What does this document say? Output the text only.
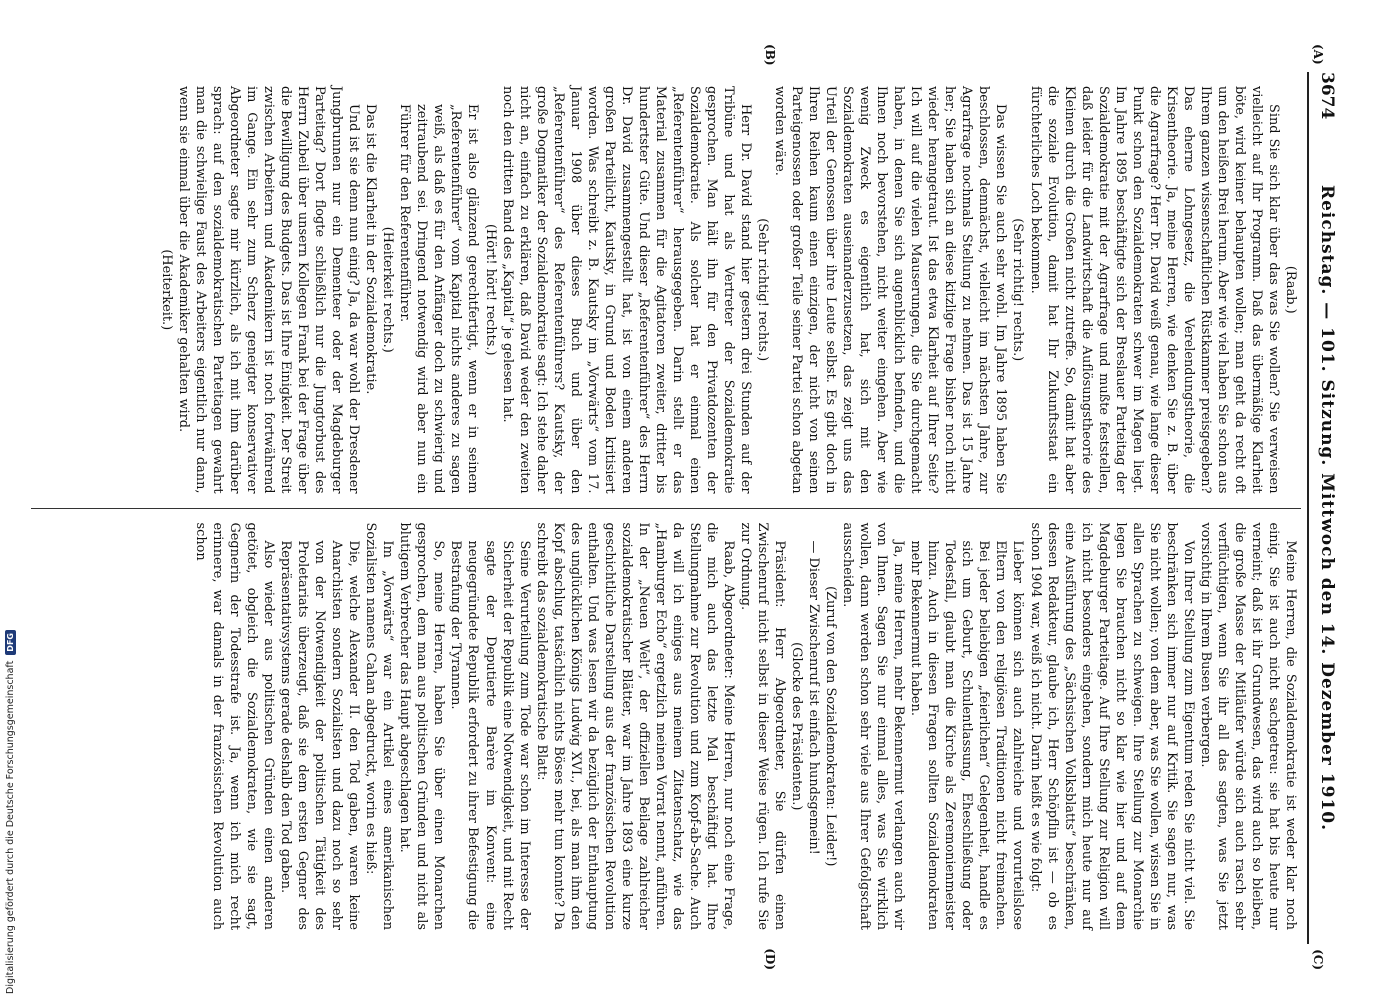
3674
Reichstag. — 101. Sitzung. Mittwoch den 14. Dezember 1910.
(A)
(B)
(C)
(D)

(Raab.)

Sind Sie sich klar über das was Sie wollen? Sie verweisen vielleicht auf Ihr Programm. Daß das übermäßige Klarheit böte, wird keiner behaupten wollen; man geht da recht oft um den heißen Brei herum. Aber wie viel haben Sie schon aus Ihrem ganzen wissenschaftlichen Rüstkammer preisgegeben? Das eherne Lohngesetz, die Verelendungstheorie, die Krisentheorie. Ja, meine Herren, wie denken Sie z. B. über die Agrarfrage? Herr Dr. David weiß genau, wie lange dieser Punkt schon den Sozialdemokraten schwer im Magen liegt. Im Jahre 1895 beschäftigte sich der Breslauer Parteitag der Sozialdemokratie mit der Agrarfrage und mußte feststellen, daß leider für die Landwirtschaft die Auflösungstheorie des Kleinen durch die Großen nicht zutreffe. So, damit hat aber die soziale Evolution, damit hat Ihr Zukunftsstaat ein fürchterliches Loch bekommen.

(Sehr richtig! rechts.)

Das wissen Sie auch sehr wohl. Im Jahre 1895 haben Sie beschlossen, demnächst, vielleicht im nächsten Jahre, zur Agrarfrage nochmals Stellung zu nehmen. Das ist 15 Jahre her; Sie haben sich an diese kitzlige Frage bisher noch nicht wieder herangetraut. Ist das etwa Klarheit auf Ihrer Seite? Ich will auf die vielen Mauserungen, die Sie durchgemacht haben, in denen Sie sich augenblicklich befinden, und die Ihnen noch bevorstehen, nicht weiter eingehen. Aber wie wenig Zweck es eigentlich hat, sich mit den Sozialdemokraten auseinanderzusetzen, das zeigt uns das Urteil der Genossen über ihre Leute selbst. Es gibt doch in Ihren Reihen kaum einen einzigen, der nicht von seinen Parteigenossen oder großer Teile seiner Partei schon abgetan worden wäre.

(Sehr richtig! rechts.)

Herr Dr. David stand hier gestern drei Stunden auf der Tribüne und hat als Vertreter der Sozialdemokratie gesprochen. Man hält ihn für den Privatdozenten der Sozialdemokratie. Als solcher hat er einmal einen „Referentenführer“ herausgegeben. Darin stellt er das Material zusammen für die Agitatoren zweiter, dritter bis hundertster Güte. Und dieser „Referentenführer“ des Herrn Dr. David zusammengestellt hat, ist von einem anderen großen Parteilicht, Kautsky, in Grund und Boden kritisiert worden. Was schreibt z. B. Kautsky im „Vorwärts“ vom 17. Januar 1908 über dieses Buch und über den „Referentenführer“ des Referentenführers? Kautsky, der große Dogmatiker der Sozialdemokratie sagt: Ich stehe daher nicht an, einfach zu erklären, daß David weder den zweiten noch den dritten Band des „Kapital“ je gelesen hat.

(Hört! hört! rechts.)

Er ist also glänzend gerechtfertigt, wenn er in seinem „Referentenführer“ vom Kapital nichts anderes zu sagen weiß, als daß es für den Anfänger doch zu schwierig und zeitraubend sei. Dringend notwendig wird aber nun ein Führer für den Referentenführer.

(Heiterkeit rechts.)

Das ist die Klarheit in der Sozialdemokratie.

Und ist sie denn nun einig? Ja, da war wohl der Dresdener Jungbrunnen nur ein Dementeer oder der Magdeburger Parteitag? Dort flogte schließlich nur die Jungtorbust des Herrn Zubeil über unsern Kollegen Frank bei der Frage über die Bewilligung des Budgets. Das ist Ihre Einigkeit. Der Streit zwischen Arbeitern und Akademikern ist noch fortwährend im Gange. Ein sehr zum Scherz geneigter konservativer Abgeordneter sagte mir kürzlich, als ich mit ihm darüber sprach: auf den sozialdemokratischen Parteitagen gewahrt man die schwielige Faust des Arbeiters eigentlich nur dann, wenn sie einmal über die Akademiker gehalten wird.

(Heiterkeit.)

Meine Herren, die Sozialdemokratie ist weder klar noch einig. Sie ist auch nicht sachgetreu: sie hat bis heute nur verneint; daß ist ihr Grundwesen, das wird auch so bleiben, die große Masse der Mitläufer würde sich auch rasch sehr verflüchtigen, wenn Sie ihr all das sagten, was Sie jetzt vorsichtig in Ihrem Busen verbergen.

Von Ihrer Stellung zum Eigentum reden Sie nicht viel. Sie beschränken sich immer nur auf Kritik. Sie sagen nur, was Sie nicht wollen; von dem aber, was Sie wollen, wissen Sie in allen Sprachen zu schweigen. Ihre Stellung zur Monarchie legen Sie brauchen nicht so klar wie hier und auf dem Magdeburger Parteitage. Auf Ihre Stellung zur Religion will ich nicht besonders eingehen, sondern mich heute nur auf eine Ausführung des „Sächsischen Volksblatts“ beschränken, dessen Redakteur, glaube ich, Herr Schöpflin ist — ob es schon 1904 war, weiß ich nicht. Darin heißt es wie folgt:

Lieber können sich auch zahlreiche und vorurteilslose Eltern von den religiösen Traditionen nicht freimachen. Bei jeder beliebigen „feierlichen“ Gelegenheit, handle es sich um Geburt, Schulentlassung, Eheschließung oder Todesfall, glaubt man die Kirche als Zeremonienmeister hinzu. Auch in diesen Fragen sollten Sozialdemokraten mehr Bekennermut haben.

Ja, meine Herren, mehr Bekennermut verlangen auch wir von Ihnen. Sagen Sie nur einmal alles, was Sie wirklich wollen, dann werden schon sehr viele aus Ihrer Gefolgschaft ausscheiden.

(Zuruf von den Sozialdemokraten: Leider!)

— Dieser Zwischenruf ist einfach hundsgemein!

(Glocke des Präsidenten.)

Präsident: Herr Abgeordneter, Sie dürfen einen Zwischenruf nicht selbst in dieser Weise rügen. Ich rufe Sie zur Ordnung.

Raab, Abgeordneter: Meine Herren, nur noch eine Frage, die mich auch das letzte Mal beschäftigt hat. Ihre Stellungnahme zur Revolution und zum Kopf-ab-Sache. Auch da will ich einiges aus meinem Zitatenschatz, wie das „Hamburger Echo“ ergetzlich meinen Vorrat nennt, anführen. In der „Neuen Welt“, der offiziellen Beilage zahlreicher sozialdemokratischer Blätter, war im Jahre 1893 eine kurze geschichtliche Darstellung aus der französischen Revolution enthalten. Und was lesen wir da bezüglich der Enthauptung des unglücklichen Königs Ludwig XVI., bei, als man ihm den Kopf abschlug, tatsächlich nichts Böses mehr tun konnte? Da schreibt das sozialdemokratische Blatt:

Seine Verurteilung zum Tode war schon im Interesse der Sicherheit der Republik eine Notwendigkeit, und mit Recht sagte der Deputierte Barère im Konvent: eine neugegründete Republik erfordert zu ihrer Befestigung die Bestrafung der Tyrannen.

So, meine Herren, haben Sie über einen Monarchen gesprochen, dem man aus politischen Gründen und nicht als blutigem Verbrecher das Haupt abgeschlagen hat.

Im „Vorwärts“ war ein Artikel eines amerikanischen Sozialisten namens Cahan abgedruckt, worin es hieß:

Die, welche Alexander II. den Tod gaben, waren keine Anarchisten sondern Sozialisten und dazu noch so sehr von der Notwendigkeit der politischen Tätigkeit des Proletariats überzeugt, daß sie dem ersten Gegner des Repräsentativsystems gerade deshalb den Tod gaben.

Also wieder aus politischen Gründen einen anderen getötet, obgleich die Sozialdemokraten, wie sie sagt, Gegnerin der Todesstrafe ist. Ja, wenn ich mich recht erinnere, war damals in der französischen Revolution auch schon

Digitalisierung gefördert durch die Deutsche Forschungsgemeinschaft
DFG
